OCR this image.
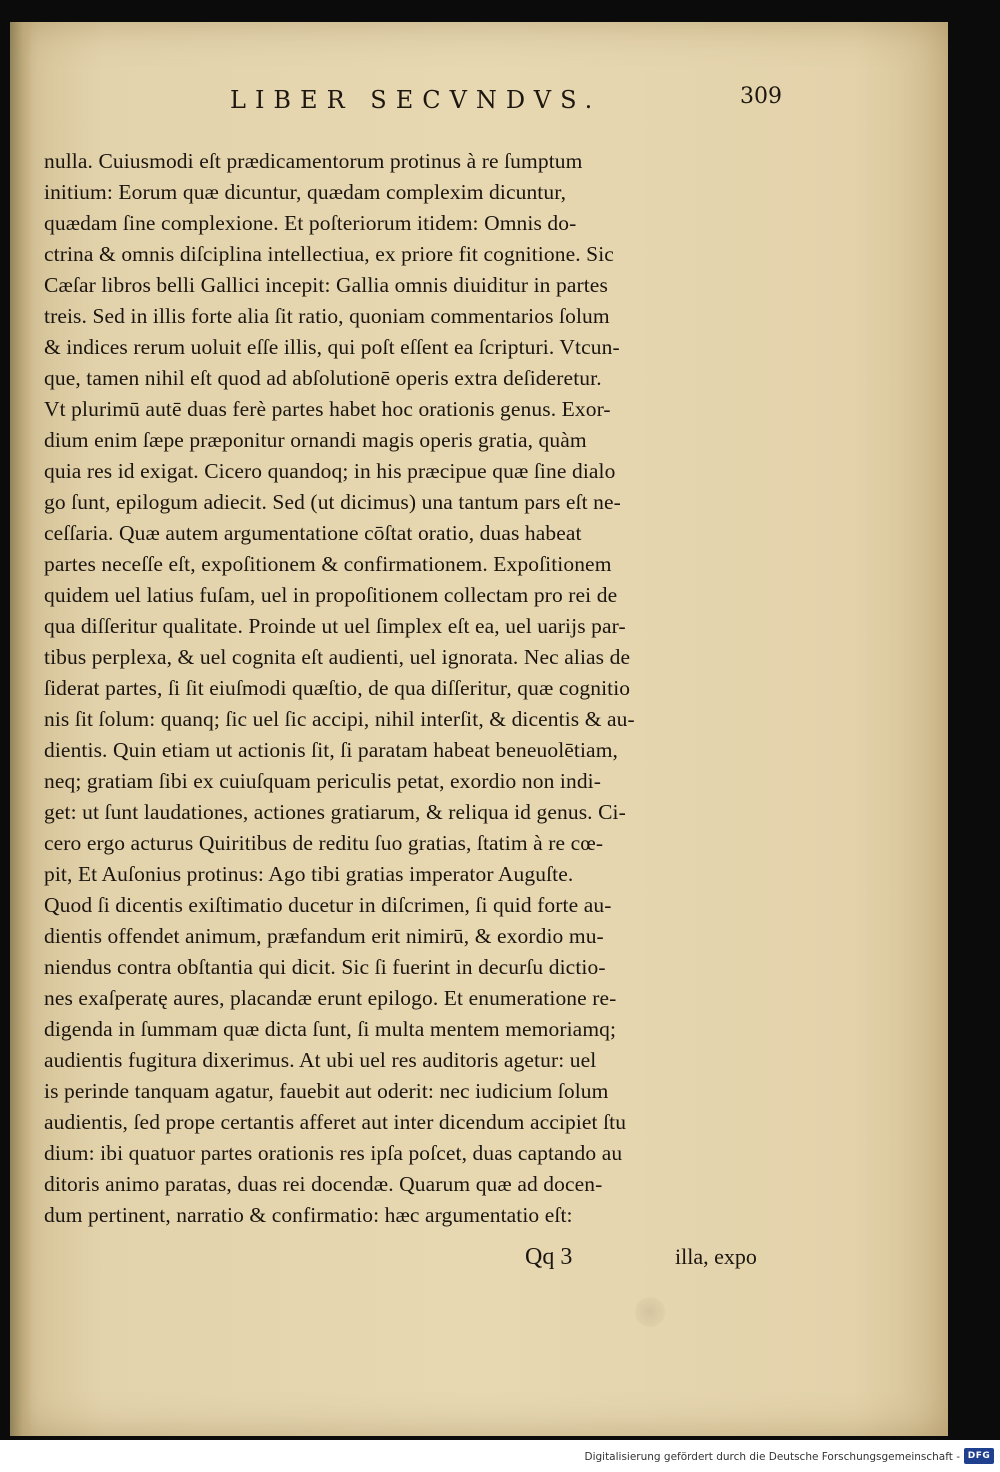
LIBER SECVNDVS.	309
nulla. Cuiusmodi eſt prædicamentorum protinus à re ſumptum
initium: Eorum quæ dicuntur, quædam complexim dicuntur,
quædam ſine complexione. Et poſteriorum itidem: Omnis do-
ctrina & omnis diſciplina intellectiua, ex priore fit cognitione. Sic
Cæſar libros belli Gallici incepit: Gallia omnis diuiditur in partes
treis. Sed in illis forte alia ſit ratio, quoniam commentarios ſolum
& indices rerum uoluit eſſe illis, qui poſt eſſent ea ſcripturi. Vtcun-
que, tamen nihil eſt quod ad abſolutionē operis extra deſideretur.
Vt plurimū autē duas ferè partes habet hoc orationis genus. Exor-
dium enim ſæpe præponitur ornandi magis operis gratia, quàm
quia res id exigat. Cicero quandoq; in his præcipue quæ ſine dialo
go ſunt, epilogum adiecit. Sed (ut dicimus) una tantum pars eſt ne-
ceſſaria. Quæ autem argumentatione cōſtat oratio, duas habeat
partes neceſſe eſt, expoſitionem & confirmationem. Expoſitionem
quidem uel latius fuſam, uel in propoſitionem collectam pro rei de
qua diſſeritur qualitate. Proinde ut uel ſimplex eſt ea, uel uarijs par-
tibus perplexa, & uel cognita eſt audienti, uel ignorata. Nec alias de
ſiderat partes, ſi ſit eiuſmodi quæſtio, de qua diſſeritur, quæ cognitio
nis ſit ſolum: quanq; ſic uel ſic accipi, nihil interſit, & dicentis & au-
dientis. Quin etiam ut actionis ſit, ſi paratam habeat beneuolētiam,
neq; gratiam ſibi ex cuiuſquam periculis petat, exordio non indi-
get: ut ſunt laudationes, actiones gratiarum, & reliqua id genus. Ci-
cero ergo acturus Quiritibus de reditu ſuo gratias, ſtatim à re cœ-
pit, Et Auſonius protinus: Ago tibi gratias imperator Auguſte.
Quod ſi dicentis exiſtimatio ducetur in diſcrimen, ſi quid forte au-
dientis offendet animum, præfandum erit nimirū, & exordio mu-
niendus contra obſtantia qui dicit. Sic ſi fuerint in decurſu dictio-
nes exaſperatę aures, placandæ erunt epilogo. Et enumeratione re-
digenda in ſummam quæ dicta ſunt, ſi multa mentem memoriamq;
audientis fugitura dixerimus. At ubi uel res auditoris agetur: uel
is perinde tanquam agatur, fauebit aut oderit: nec iudicium ſolum
audientis, ſed prope certantis afferet aut inter dicendum accipiet ſtu
dium: ibi quatuor partes orationis res ipſa poſcet, duas captando au
ditoris animo paratas, duas rei docendæ. Quarum quæ ad docen-
dum pertinent, narratio & confirmatio: hæc argumentatio eſt:
Qq 3	illa, expo
Digitalisierung gefördert durch die Deutsche Forschungsgemeinschaft - DFG
